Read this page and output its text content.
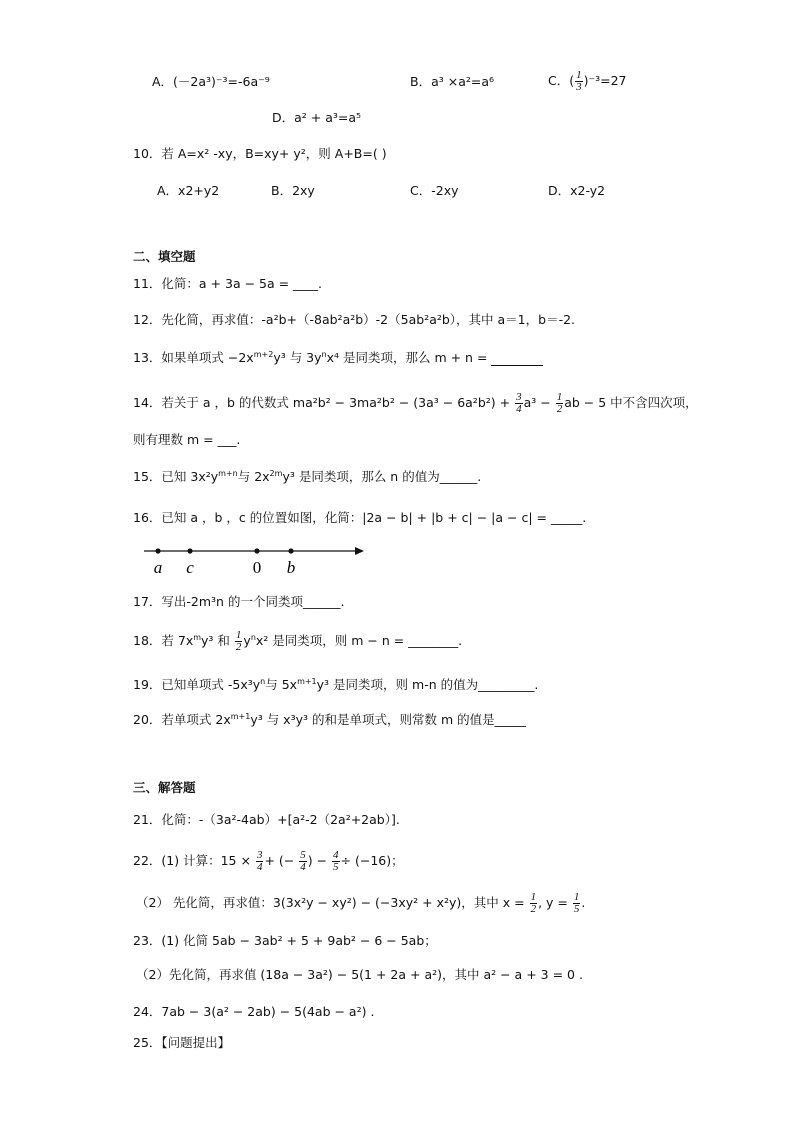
A．(－2a³)⁻³=-6a⁻⁹	B．a³ ×a²=a⁶	C．( $\frac{1}{3} )^{-3}=27$
D．a² + a³=a⁵
10．若 A=x² -xy，B=xy+ y²，则 A+B=( )
A．x2+y2	B．2xy	C．-2xy	D．x2-y2
二、填空题
11．化简：a + 3a − 5a = ____.
12．先化简，再求值：-a²b+（-8ab²a²b）-2（5ab²a²b），其中 a＝1，b＝-2.
13．如果单项式 $-2x^{m+2}y^3$ 与 $3y^nx^4$ 是同类项，那么 m + n =
14．若关于 a ，b 的代数式 $ma^2b^2 - 3ma^2b^2 - (3a^3 - 6a^2b^2) + \frac{3}{4} a^3 - \frac{1}{2}$ ab − 5 中不含四次项，
则有理数 m = ___.
15．已知 $3x^2y^{m+n}$与 $2x^{2m}y^3$ 是同类项，那么 n 的值为______.
16．已知 a ，b ，c 的位置如图，化简：|2a − b| + |b + c| − |a − c| = _____.
a c	0 b
17．写出-2m³n 的一个同类项______.
18．若 $7x^my^3$ 和 $\frac{1}{2} y^nx^2$ 是同类项，则 m − n = ________.
19．已知单项式 $-5x^3y^n$与 $5x^{m+1}y^3$ 是同类项，则 m-n 的值为_________.
20．若单项式 $2x^{m+1}y^3$ 与 x³y³ 的和是单项式，则常数 m 的值是_____
三、解答题
21．化简：-（3a²-4ab）+[a²-2（2a²+2ab）].
22．(1) 计算：$15 \times \frac{3}{4}$ + (− $\frac{5}{4}$ ) − $\frac{4}{5} \div (-16)$；
（2） 先化简，再求值：3(3x²y − xy²) − (−3xy² + x²y)，其中 $x = \frac{1}{2}$ , $y = \frac{1}{5}$ .
23．(1) 化简 5ab − 3ab² + 5 + 9ab² − 6 − 5ab；
（2）先化简，再求值 (18a − 3a²) − 5(1 + 2a + a²)，其中 a² − a + 3 = 0 .
24．7ab − 3(a² − 2ab) − 5(4ab − a²) .
25．【问题提出】
